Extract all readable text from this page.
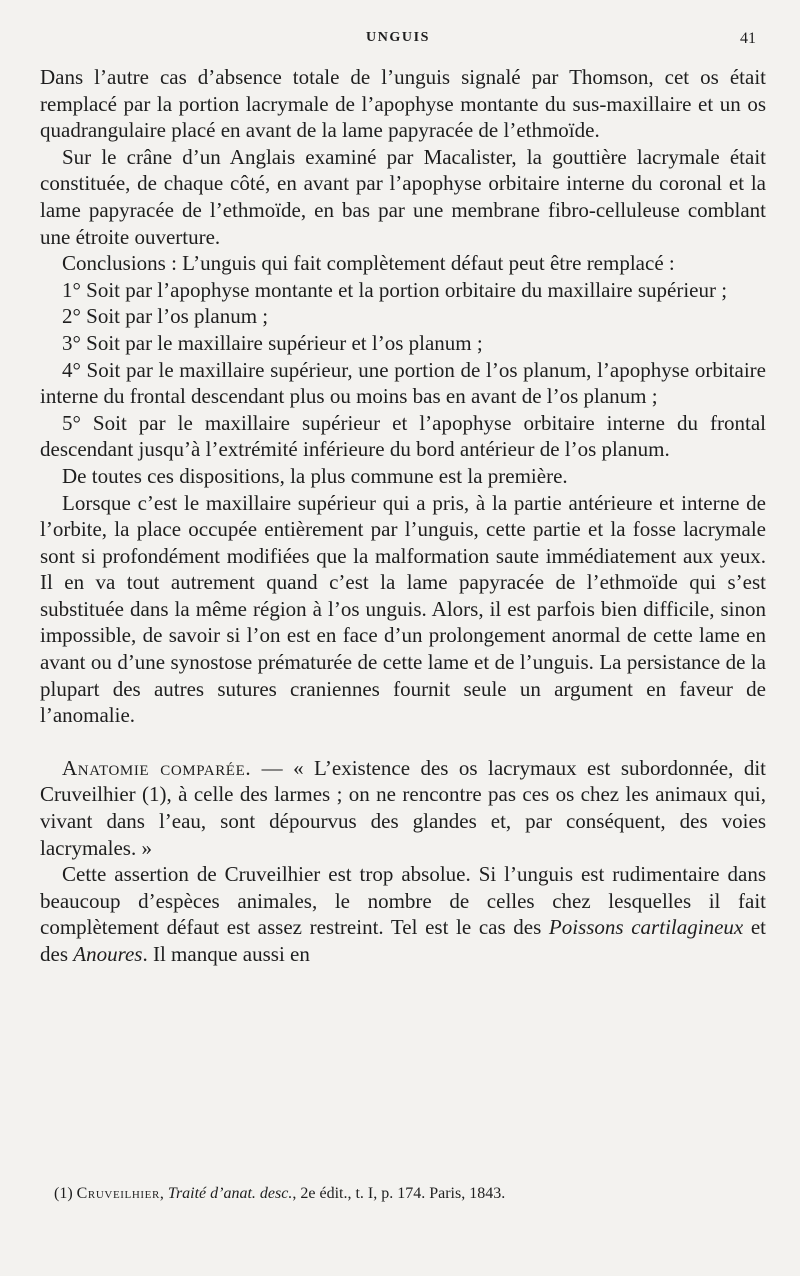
UNGUIS	41

Dans l’autre cas d’absence totale de l’unguis signalé par Thomson, cet os était remplacé par la portion lacrymale de l’apophyse montante du sus-maxillaire et un os quadrangulaire placé en avant de la lame papyracée de l’ethmoïde.

Sur le crâne d’un Anglais examiné par Macalister, la gouttière lacrymale était constituée, de chaque côté, en avant par l’apophyse orbitaire interne du coronal et la lame papyracée de l’ethmoïde, en bas par une membrane fibro-celluleuse comblant une étroite ouverture.

Conclusions : L’unguis qui fait complètement défaut peut être remplacé :

1° Soit par l’apophyse montante et la portion orbitaire du maxillaire supérieur ;

2° Soit par l’os planum ;

3° Soit par le maxillaire supérieur et l’os planum ;

4° Soit par le maxillaire supérieur, une portion de l’os planum, l’apophyse orbitaire interne du frontal descendant plus ou moins bas en avant de l’os planum ;

5° Soit par le maxillaire supérieur et l’apophyse orbitaire interne du frontal descendant jusqu’à l’extrémité inférieure du bord antérieur de l’os planum.

De toutes ces dispositions, la plus commune est la première.

Lorsque c’est le maxillaire supérieur qui a pris, à la partie antérieure et interne de l’orbite, la place occupée entièrement par l’unguis, cette partie et la fosse lacrymale sont si profondément modifiées que la malformation saute immédiatement aux yeux. Il en va tout autrement quand c’est la lame papyracée de l’ethmoïde qui s’est substituée dans la même région à l’os unguis. Alors, il est parfois bien difficile, sinon impossible, de savoir si l’on est en face d’un prolongement anormal de cette lame en avant ou d’une synostose prématurée de cette lame et de l’unguis. La persistance de la plupart des autres sutures craniennes fournit seule un argument en faveur de l’anomalie.

Anatomie comparée. — « L’existence des os lacrymaux est subordonnée, dit Cruveilhier (1), à celle des larmes ; on ne rencontre pas ces os chez les animaux qui, vivant dans l’eau, sont dépourvus des glandes et, par conséquent, des voies lacrymales. »

Cette assertion de Cruveilhier est trop absolue. Si l’unguis est rudimentaire dans beaucoup d’espèces animales, le nombre de celles chez lesquelles il fait complètement défaut est assez restreint. Tel est le cas des Poissons cartilagineux et des Anoures. Il manque aussi en

(1) Cruveilhier, Traité d’anat. desc., 2e édit., t. I, p. 174. Paris, 1843.
